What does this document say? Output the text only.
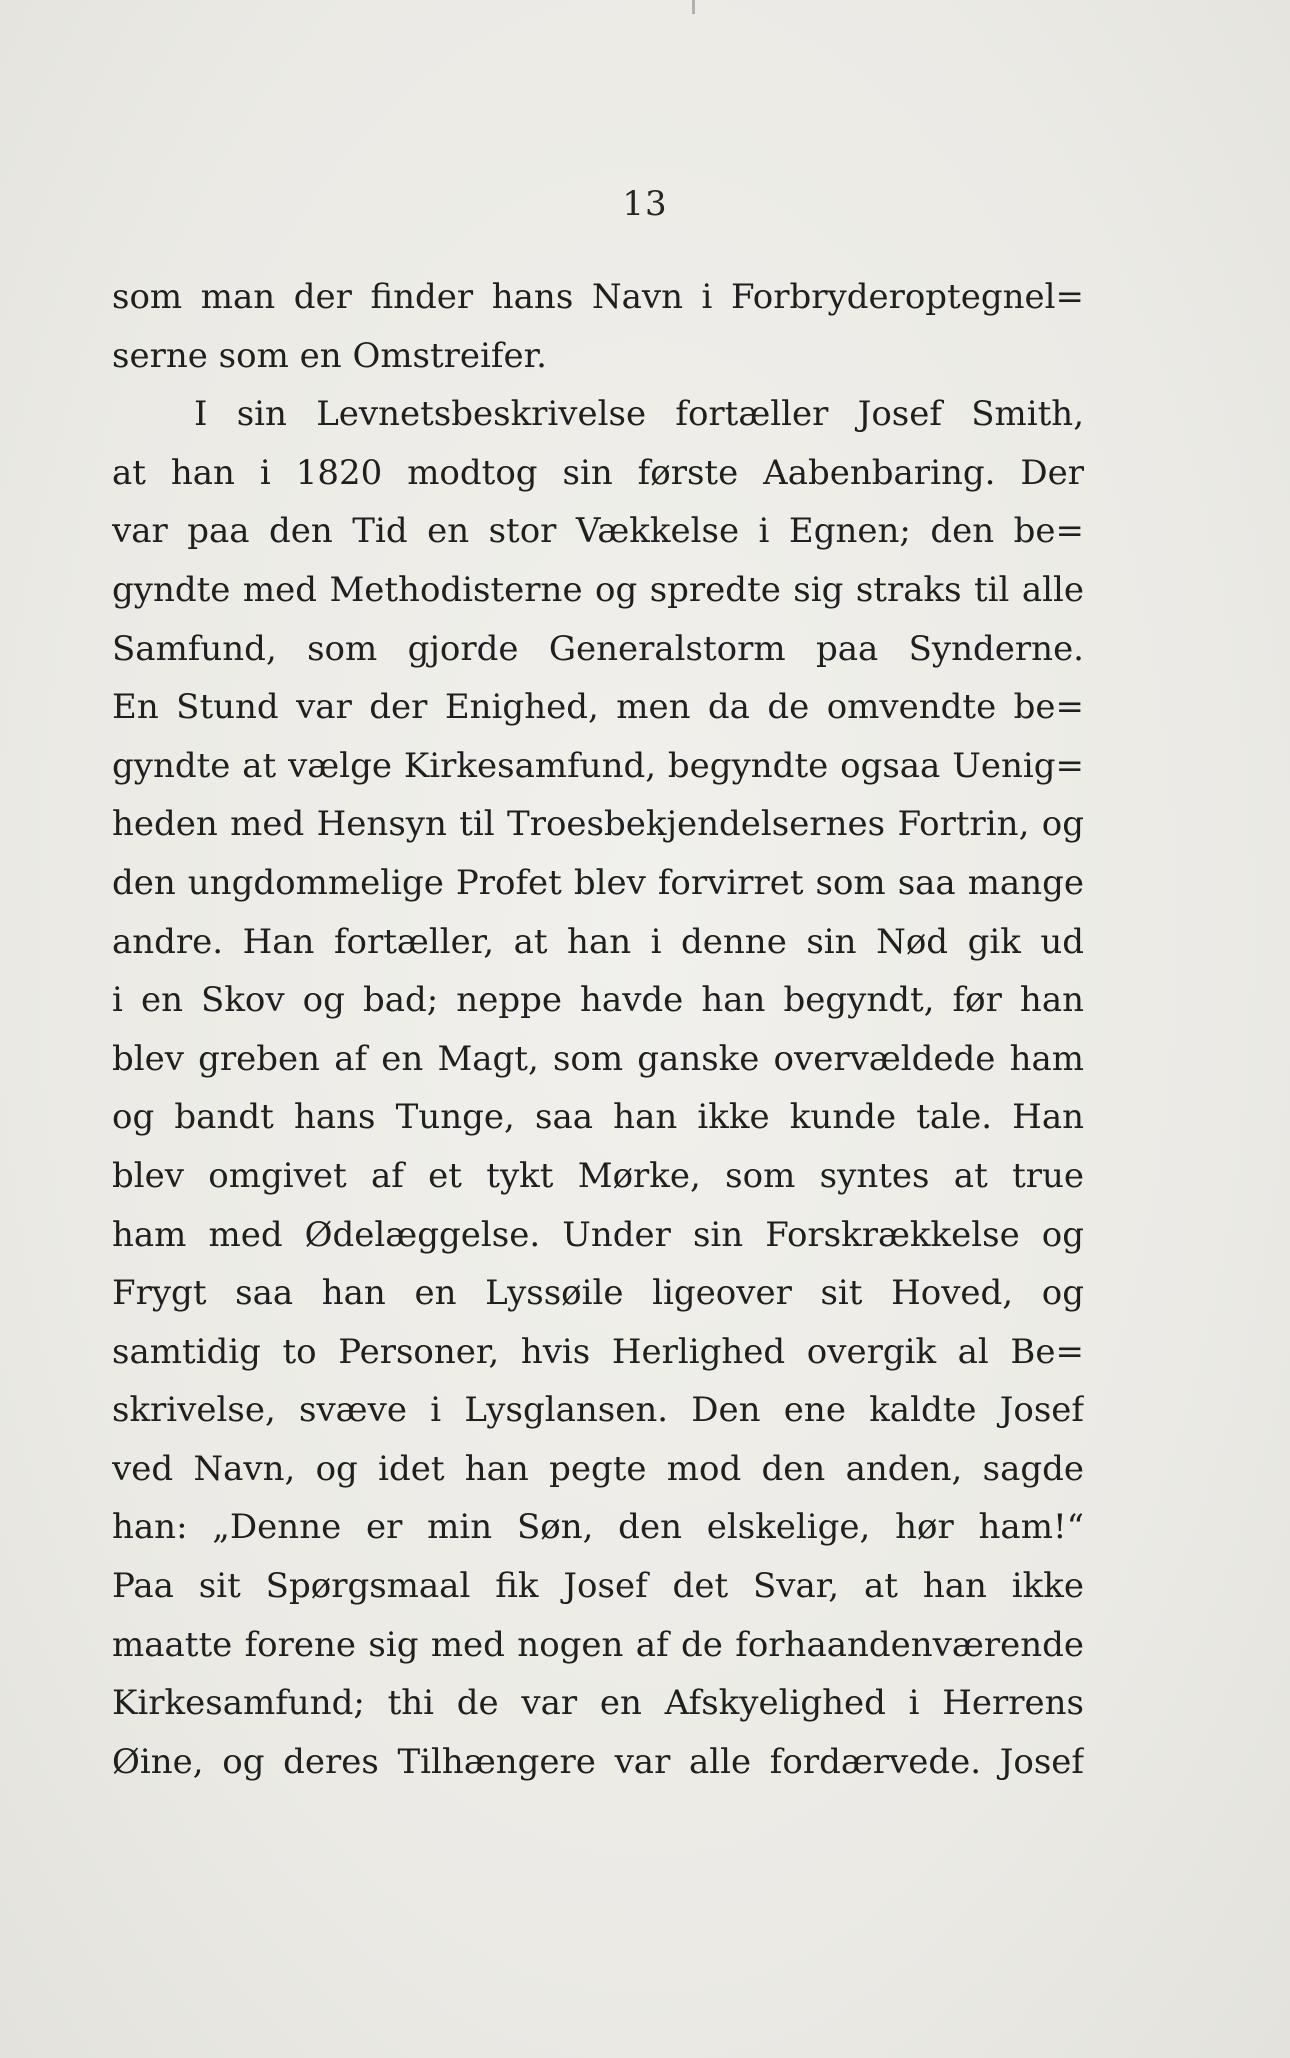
13
som man der finder hans Navn i Forbryderoptegnel=
serne som en Omstreifer.
I sin Levnetsbeskrivelse fortæller Josef Smith,
at han i 1820 modtog sin første Aabenbaring. Der
var paa den Tid en stor Vækkelse i Egnen; den be=
gyndte med Methodisterne og spredte sig straks til alle
Samfund, som gjorde Generalstorm paa Synderne.
En Stund var der Enighed, men da de omvendte be=
gyndte at vælge Kirkesamfund, begyndte ogsaa Uenig=
heden med Hensyn til Troesbekjendelsernes Fortrin, og
den ungdommelige Profet blev forvirret som saa mange
andre. Han fortæller, at han i denne sin Nød gik ud
i en Skov og bad; neppe havde han begyndt, før han
blev greben af en Magt, som ganske overvældede ham
og bandt hans Tunge, saa han ikke kunde tale. Han
blev omgivet af et tykt Mørke, som syntes at true
ham med Ødelæggelse. Under sin Forskrækkelse og
Frygt saa han en Lyssøile ligeover sit Hoved, og
samtidig to Personer, hvis Herlighed overgik al Be=
skrivelse, svæve i Lysglansen. Den ene kaldte Josef
ved Navn, og idet han pegte mod den anden, sagde
han: „Denne er min Søn, den elskelige, hør ham!“
Paa sit Spørgsmaal fik Josef det Svar, at han ikke
maatte forene sig med nogen af de forhaandenværende
Kirkesamfund; thi de var en Afskyelighed i Herrens
Øine, og deres Tilhængere var alle fordærvede. Josef
